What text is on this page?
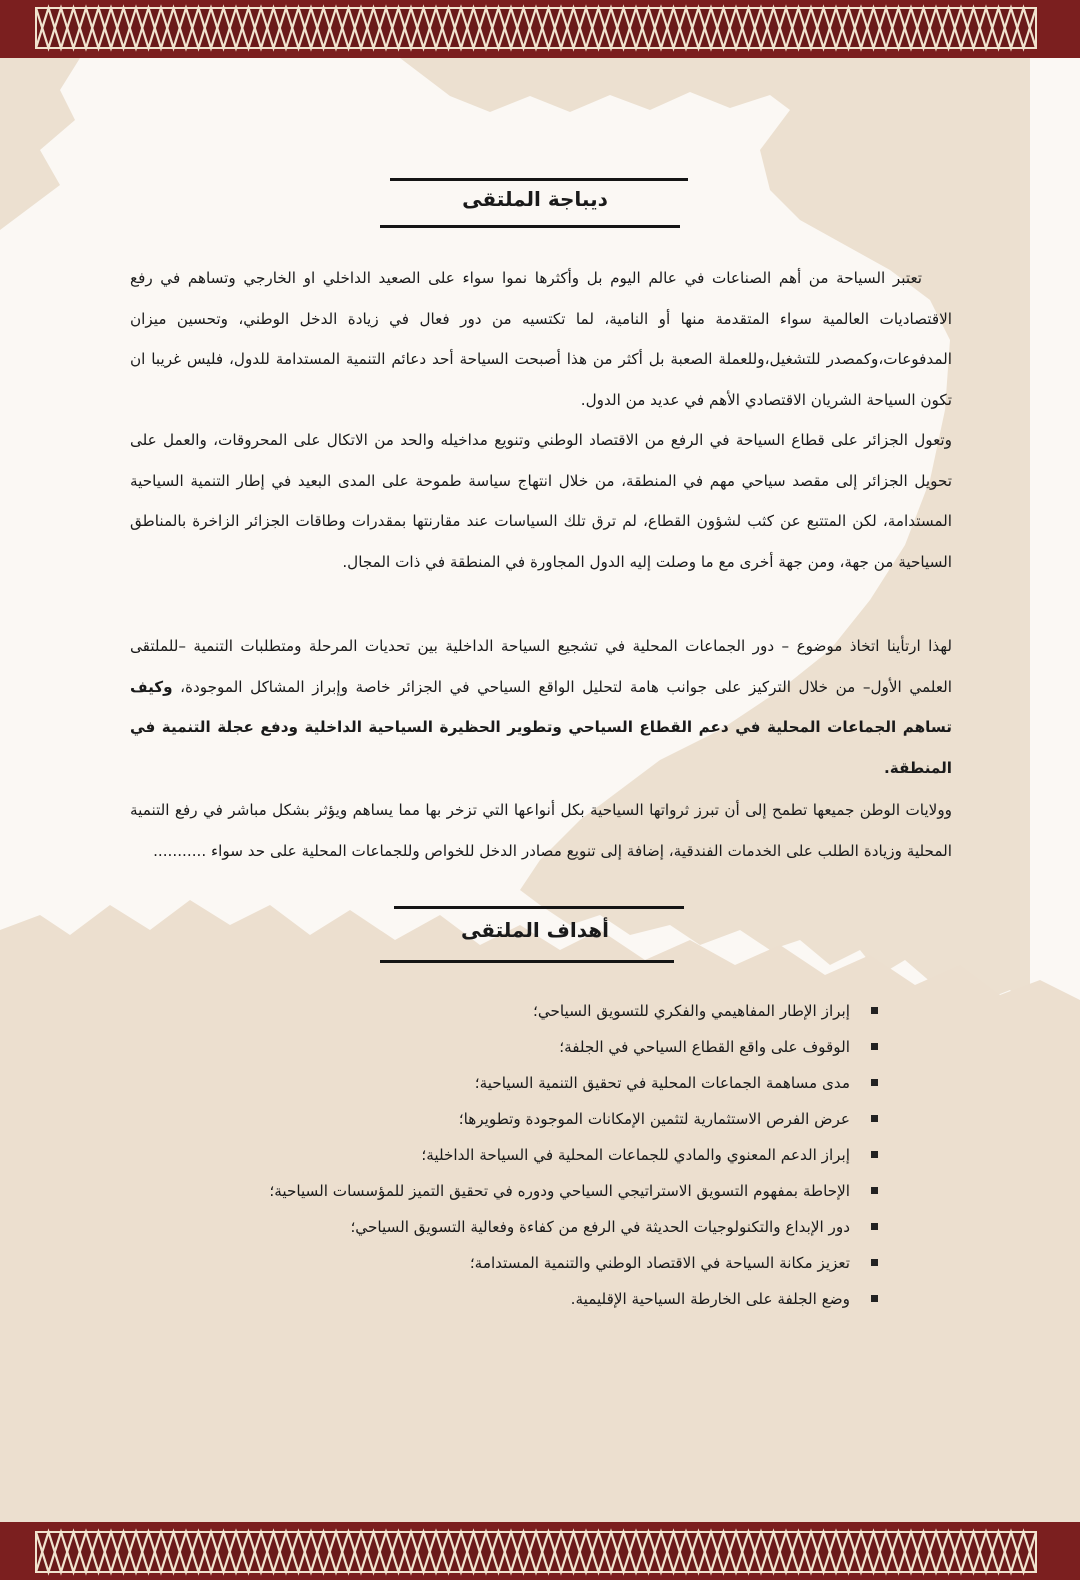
ديباجة الملتقى

تعتبر السياحة من أهم الصناعات في عالم اليوم بل وأكثرها نموا سواء على الصعيد الداخلي او الخارجي وتساهم في رفع الاقتصاديات العالمية سواء المتقدمة منها أو النامية، لما تكتسيه من دور فعال في زيادة الدخل الوطني، وتحسين ميزان المدفوعات،وكمصدر للتشغيل،وللعملة الصعبة بل أكثر من هذا أصبحت السياحة أحد دعائم التنمية المستدامة للدول، فليس غريبا ان تكون السياحة الشريان الاقتصادي الأهم في عديد من الدول.

وتعول الجزائر على قطاع السياحة في الرفع من الاقتصاد الوطني وتنويع مداخيله والحد من الاتكال على المحروقات، والعمل على تحويل الجزائر إلى مقصد سياحي مهم في المنطقة، من خلال انتهاج سياسة طموحة على المدى البعيد في إطار التنمية السياحية المستدامة، لكن المتتبع عن كثب لشؤون القطاع، لم ترق تلك السياسات عند مقارنتها بمقدرات وطاقات الجزائر الزاخرة بالمناطق السياحية من جهة، ومن جهة أخرى مع ما وصلت إليه الدول المجاورة في المنطقة في ذات المجال.

لهذا ارتأينا اتخاذ موضوع – دور الجماعات المحلية في تشجيع السياحة الداخلية بين تحديات المرحلة ومتطلبات التنمية –للملتقى العلمي الأول– من خلال التركيز على جوانب هامة لتحليل الواقع السياحي في الجزائر خاصة وإبراز المشاكل الموجودة، وكيف تساهم الجماعات المحلية في دعم القطاع السياحي وتطوير الحظيرة السياحية الداخلية ودفع عجلة التنمية في المنطقة.

وولايات الوطن جميعها تطمح إلى أن تبرز ثرواتها السياحية بكل أنواعها التي تزخر بها مما يساهم ويؤثر بشكل مباشر في رفع التنمية المحلية وزيادة الطلب على الخدمات الفندقية، إضافة إلى تنويع مصادر الدخل للخواص وللجماعات المحلية على حد سواء ...........

أهداف الملتقى
إبراز الإطار المفاهيمي والفكري للتسويق السياحي؛
الوقوف على واقع القطاع السياحي في الجلفة؛
مدى مساهمة الجماعات المحلية في تحقيق التنمية السياحية؛
عرض الفرص الاستثمارية لتثمين الإمكانات الموجودة وتطويرها؛
إبراز الدعم المعنوي والمادي للجماعات المحلية في السياحة الداخلية؛
الإحاطة بمفهوم التسويق الاستراتيجي السياحي ودوره في تحقيق التميز للمؤسسات السياحية؛
دور الإبداع والتكنولوجيات الحديثة في الرفع من كفاءة وفعالية التسويق السياحي؛
تعزيز مكانة السياحة في الاقتصاد الوطني والتنمية المستدامة؛
وضع الجلفة على الخارطة السياحية الإقليمية.
